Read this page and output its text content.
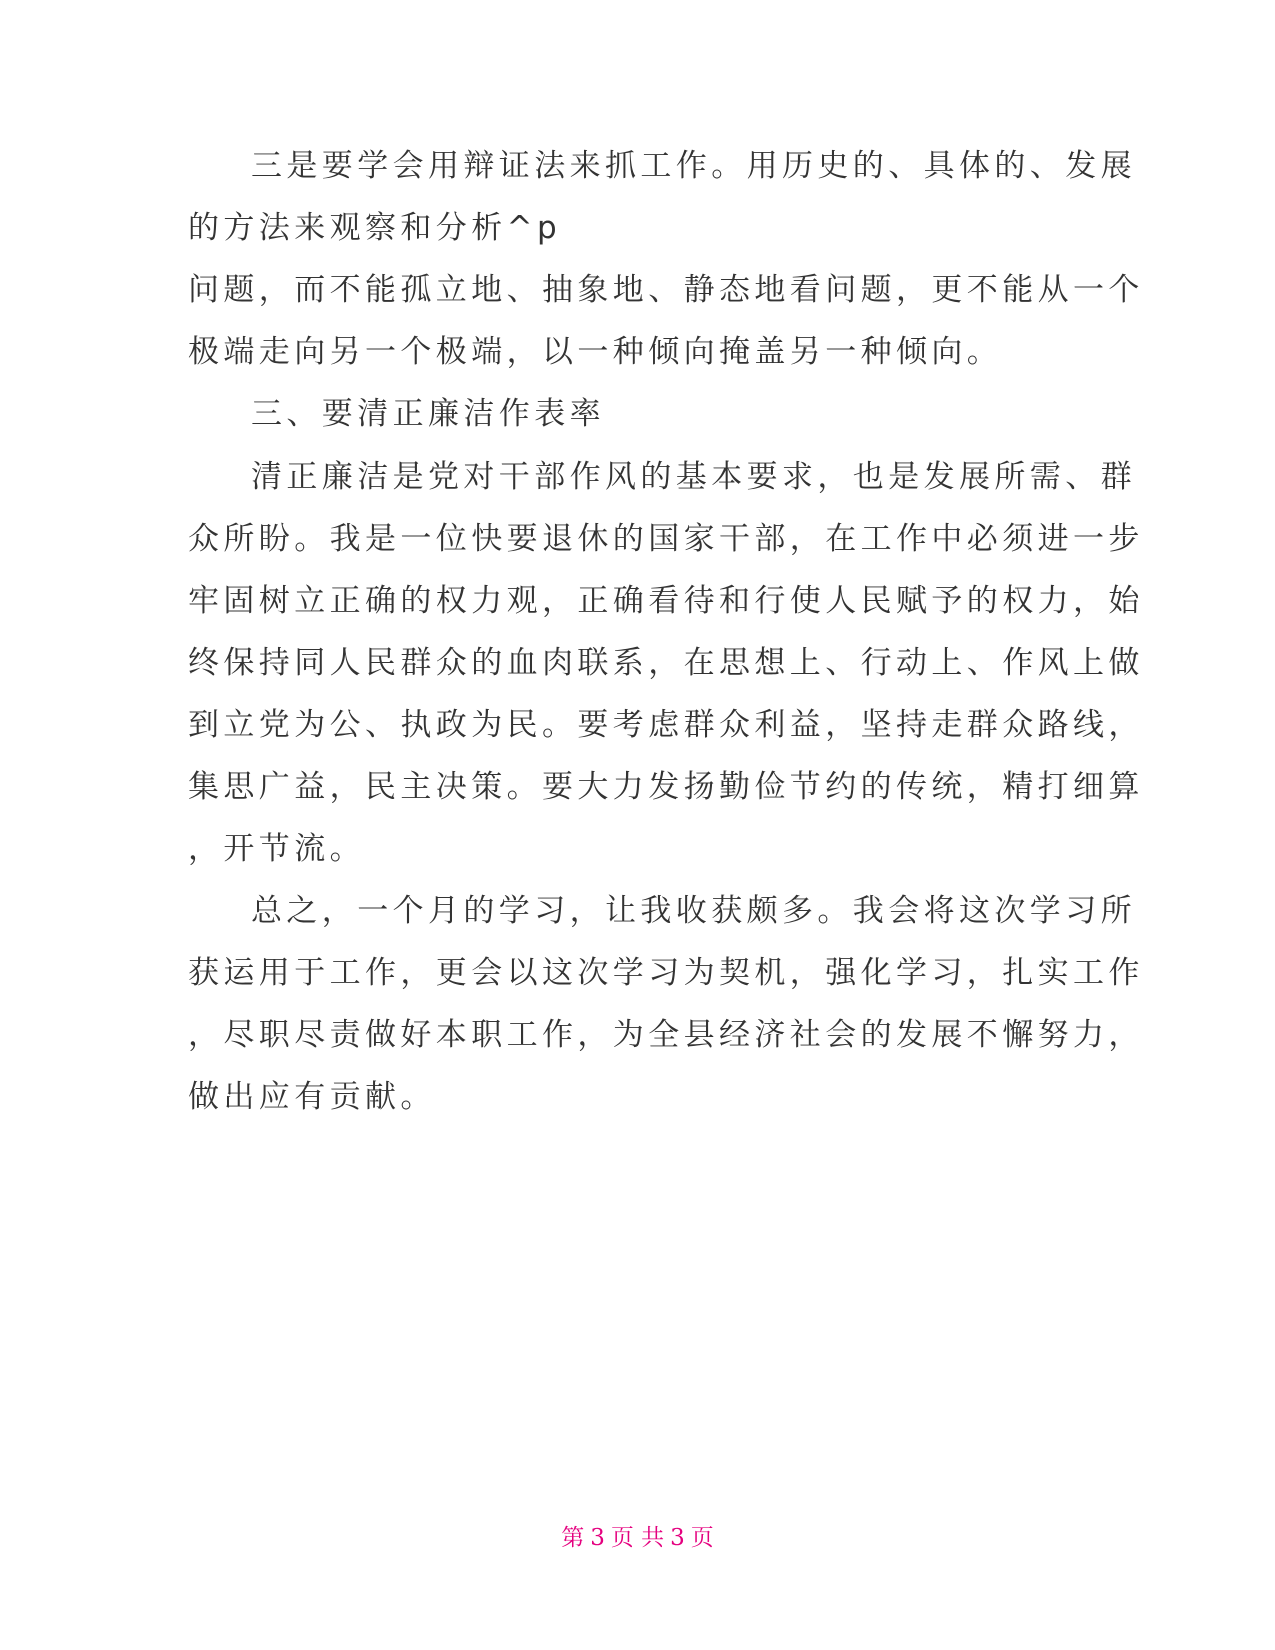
三是要学会用辩证法来抓工作。用历史的、具体的、发展
的方法来观察和分析^p
问题，而不能孤立地、抽象地、静态地看问题，更不能从一个
极端走向另一个极端，以一种倾向掩盖另一种倾向。
三、要清正廉洁作表率
清正廉洁是党对干部作风的基本要求，也是发展所需、群
众所盼。我是一位快要退休的国家干部，在工作中必须进一步
牢固树立正确的权力观，正确看待和行使人民赋予的权力，始
终保持同人民群众的血肉联系，在思想上、行动上、作风上做
到立党为公、执政为民。要考虑群众利益，坚持走群众路线，
集思广益，民主决策。要大力发扬勤俭节约的传统，精打细算
，开节流。
总之，一个月的学习，让我收获颇多。我会将这次学习所
获运用于工作，更会以这次学习为契机，强化学习，扎实工作
，尽职尽责做好本职工作，为全县经济社会的发展不懈努力，
做出应有贡献。
第 3 页 共 3 页
